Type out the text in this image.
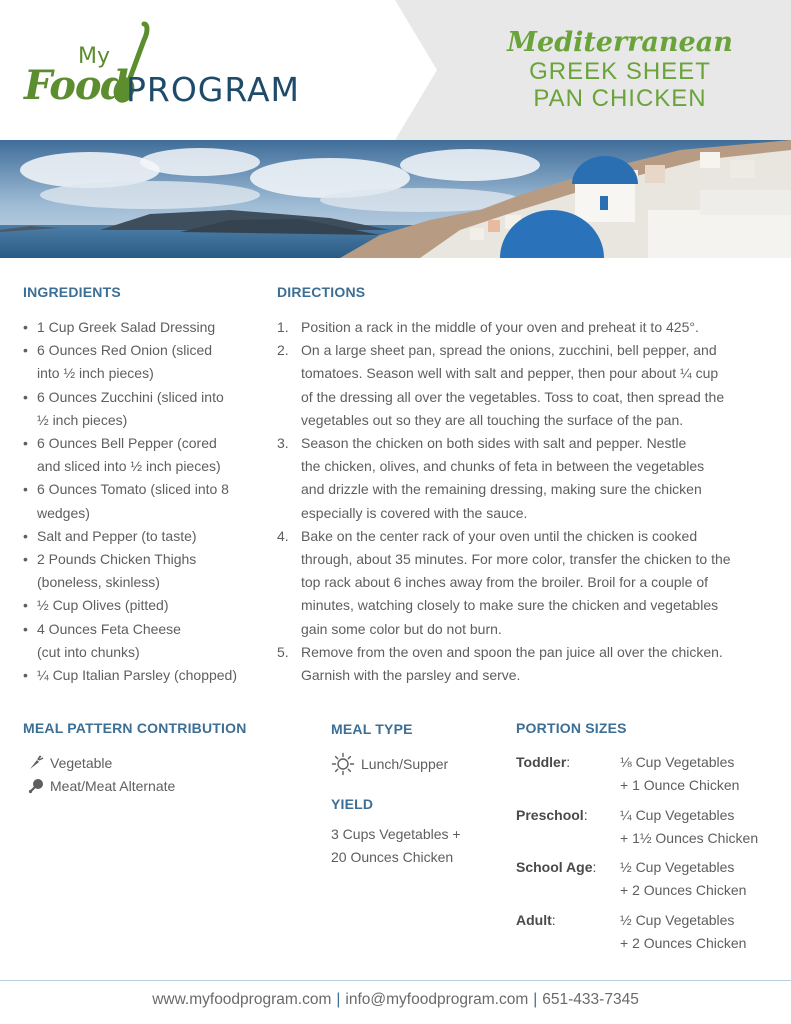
My
Food
PROGRAM
Mediterranean
GREEK SHEET
PAN CHICKEN
INGREDIENTS
• 1 Cup Greek Salad Dressing
• 6 Ounces Red Onion (sliced
into ½ inch pieces)
• 6 Ounces Zucchini (sliced into
½ inch pieces)
• 6 Ounces Bell Pepper (cored
and sliced into ½ inch pieces)
• 6 Ounces Tomato (sliced into 8
wedges)
• Salt and Pepper (to taste)
• 2 Pounds Chicken Thighs
(boneless, skinless)
• ½ Cup Olives (pitted)
• 4 Ounces Feta Cheese
(cut into chunks)
• ¼ Cup Italian Parsley (chopped)
DIRECTIONS
1. Position a rack in the middle of your oven and preheat it to 425°.
2. On a large sheet pan, spread the onions, zucchini, bell pepper, and
tomatoes. Season well with salt and pepper, then pour about ¼ cup
of the dressing all over the vegetables. Toss to coat, then spread the
vegetables out so they are all touching the surface of the pan.
3. Season the chicken on both sides with salt and pepper. Nestle
the chicken, olives, and chunks of feta in between the vegetables
and drizzle with the remaining dressing, making sure the chicken
especially is covered with the sauce.
4. Bake on the center rack of your oven until the chicken is cooked
through, about 35 minutes. For more color, transfer the chicken to the
top rack about 6 inches away from the broiler. Broil for a couple of
minutes, watching closely to make sure the chicken and vegetables
gain some color but do not burn.
5. Remove from the oven and spoon the pan juice all over the chicken.
Garnish with the parsley and serve.
MEAL PATTERN CONTRIBUTION
Vegetable
Meat/Meat Alternate
MEAL TYPE
Lunch/Supper
YIELD
3 Cups Vegetables +
20 Ounces Chicken
PORTION SIZES
Toddler:	⅛ Cup Vegetables
+ 1 Ounce Chicken
Preschool: ¼ Cup Vegetables
+ 1½ Ounces Chicken
School Age: ½ Cup Vegetables
+ 2 Ounces Chicken
Adult:	½ Cup Vegetables
+ 2 Ounces Chicken
www.myfoodprogram.com | info@myfoodprogram.com | 651-433-7345
